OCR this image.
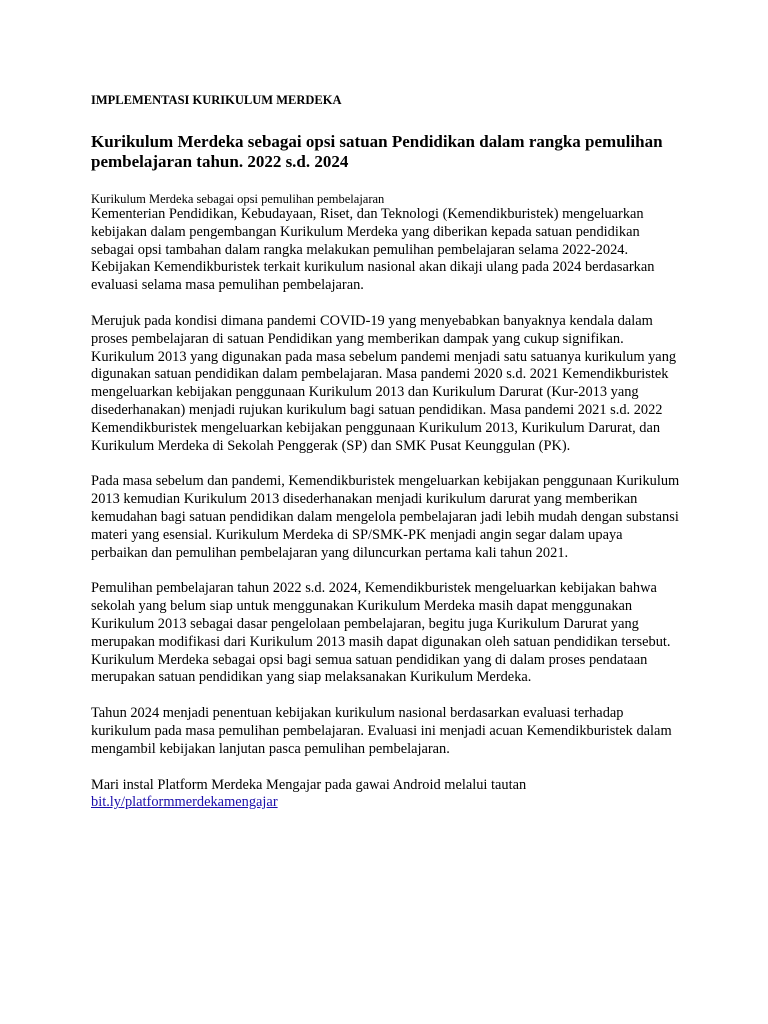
IMPLEMENTASI KURIKULUM MERDEKA
Kurikulum Merdeka sebagai opsi satuan Pendidikan dalam rangka pemulihan pembelajaran tahun. 2022 s.d. 2024
Kurikulum Merdeka sebagai opsi pemulihan pembelajaran

Kementerian Pendidikan, Kebudayaan, Riset, dan Teknologi (Kemendikburistek) mengeluarkan kebijakan dalam pengembangan Kurikulum Merdeka yang diberikan kepada satuan pendidikan sebagai opsi tambahan dalam rangka melakukan pemulihan pembelajaran selama 2022-2024. Kebijakan Kemendikburistek terkait kurikulum nasional akan dikaji ulang pada 2024 berdasarkan evaluasi selama masa pemulihan pembelajaran.

Merujuk pada kondisi dimana pandemi COVID-19 yang menyebabkan banyaknya kendala dalam proses pembelajaran di satuan Pendidikan yang memberikan dampak yang cukup signifikan. Kurikulum 2013 yang digunakan pada masa sebelum pandemi menjadi satu satuanya kurikulum yang digunakan satuan pendidikan dalam pembelajaran. Masa pandemi 2020 s.d. 2021 Kemendikburistek mengeluarkan kebijakan penggunaan Kurikulum 2013 dan Kurikulum Darurat (Kur-2013 yang disederhanakan) menjadi rujukan kurikulum bagi satuan pendidikan. Masa pandemi 2021 s.d. 2022 Kemendikburistek mengeluarkan kebijakan penggunaan Kurikulum 2013, Kurikulum Darurat, dan Kurikulum Merdeka di Sekolah Penggerak (SP) dan SMK Pusat Keunggulan (PK).

Pada masa sebelum dan pandemi, Kemendikburistek mengeluarkan kebijakan penggunaan Kurikulum 2013 kemudian Kurikulum 2013 disederhanakan menjadi kurikulum darurat yang memberikan kemudahan bagi satuan pendidikan dalam mengelola pembelajaran jadi lebih mudah dengan substansi materi yang esensial. Kurikulum Merdeka di SP/SMK-PK menjadi angin segar dalam upaya perbaikan dan pemulihan pembelajaran yang diluncurkan pertama kali tahun 2021.

Pemulihan pembelajaran tahun 2022 s.d. 2024, Kemendikburistek mengeluarkan kebijakan bahwa sekolah yang belum siap untuk menggunakan Kurikulum Merdeka masih dapat menggunakan Kurikulum 2013 sebagai dasar pengelolaan pembelajaran, begitu juga Kurikulum Darurat yang merupakan modifikasi dari Kurikulum 2013 masih dapat digunakan oleh satuan pendidikan tersebut. Kurikulum Merdeka sebagai opsi bagi semua satuan pendidikan yang di dalam proses pendataan merupakan satuan pendidikan yang siap melaksanakan Kurikulum Merdeka.

Tahun 2024 menjadi penentuan kebijakan kurikulum nasional berdasarkan evaluasi terhadap kurikulum pada masa pemulihan pembelajaran. Evaluasi ini menjadi acuan Kemendikburistek dalam mengambil kebijakan lanjutan pasca pemulihan pembelajaran.

Mari instal Platform Merdeka Mengajar pada gawai Android melalui tautan bit.ly/platformmerdekamengajar
